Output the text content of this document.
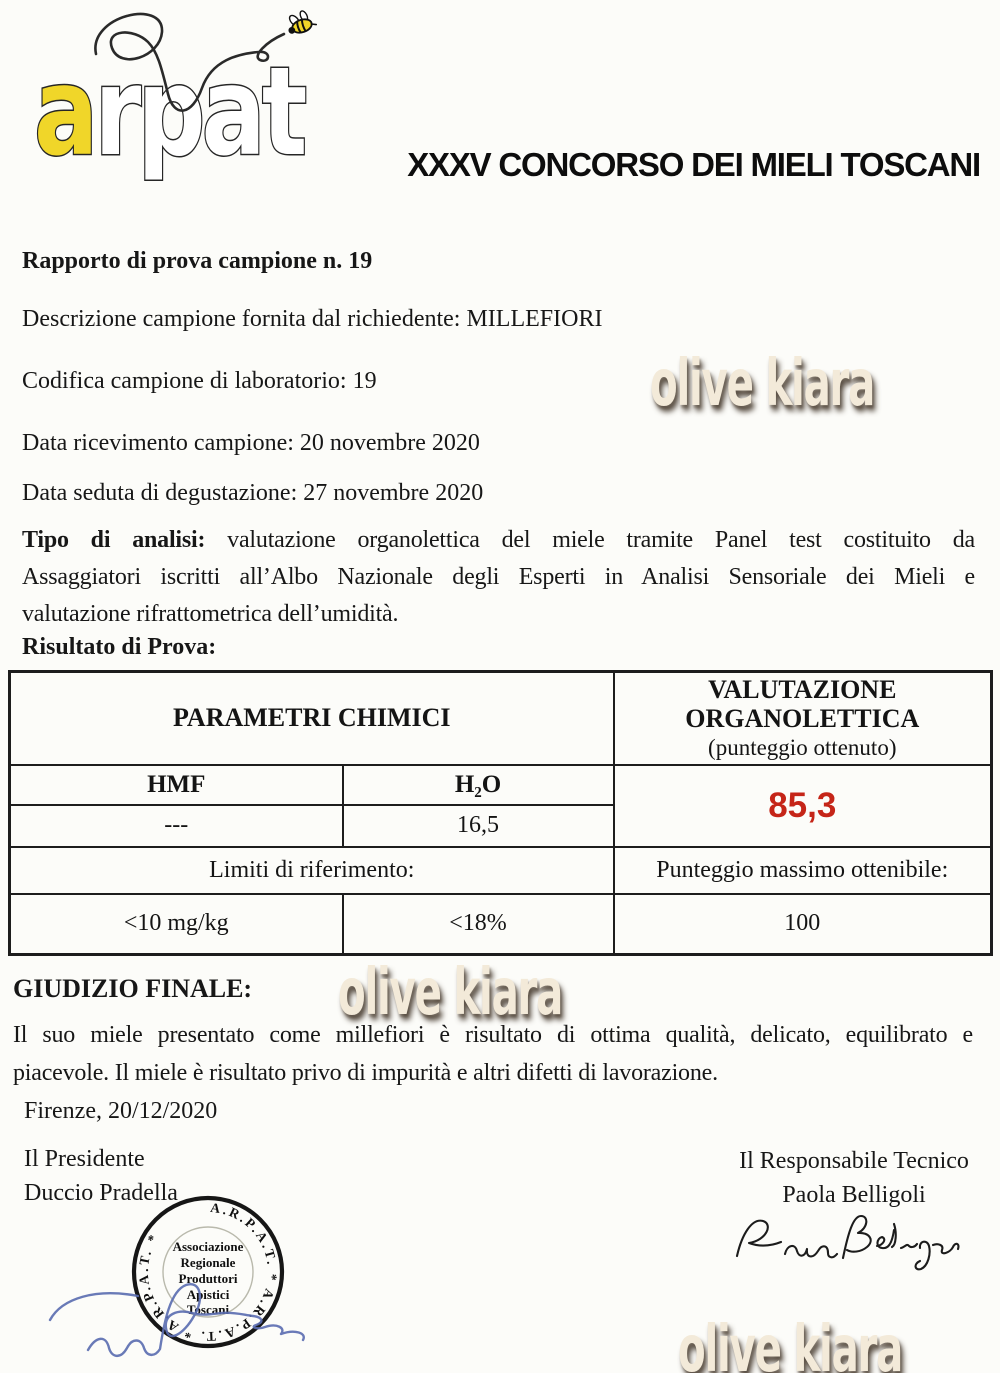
arpat	XXXV CONCORSO DEI MIELI TOSCANI
Rapporto di prova campione n. 19
Descrizione campione fornita dal richiedente: MILLEFIORI
Codifica campione di laboratorio: 19
Data ricevimento campione: 20 novembre 2020
Data seduta di degustazione: 27 novembre 2020
Tipo di analisi: valutazione organolettica del miele tramite Panel test costituito da
Assaggiatori iscritti all’Albo Nazionale degli Esperti in Analisi Sensoriale dei Mieli e
valutazione rifrattometrica dell’umidità.
Risultato di Prova:
PARAMETRI CHIMICI		VALUTAZIONE
ORGANOLETTICA
(punteggio ottenuto)

HMF	H₂O	85,3
---	16,5	
Limiti di riferimento:		Punteggio massimo ottenibile:
<10 mg/kg	<18%	100
GIUDIZIO FINALE:
Il suo miele presentato come millefiori è risultato di ottima qualità, delicato, equilibrato e
piacevole. Il miele è risultato privo di impurità e altri difetti di lavorazione.
Firenze, 20/12/2020
Il Presidente
Duccio Pradella
Il Responsabile Tecnico
Paola Belligoli
A.R.P.A.T. * A.R.P.A.T. * A.R.P.A.T. *
Associazione
Regionale
Produttori
Apistici
Toscani
olive kiara
olive kiara
olive kiara
